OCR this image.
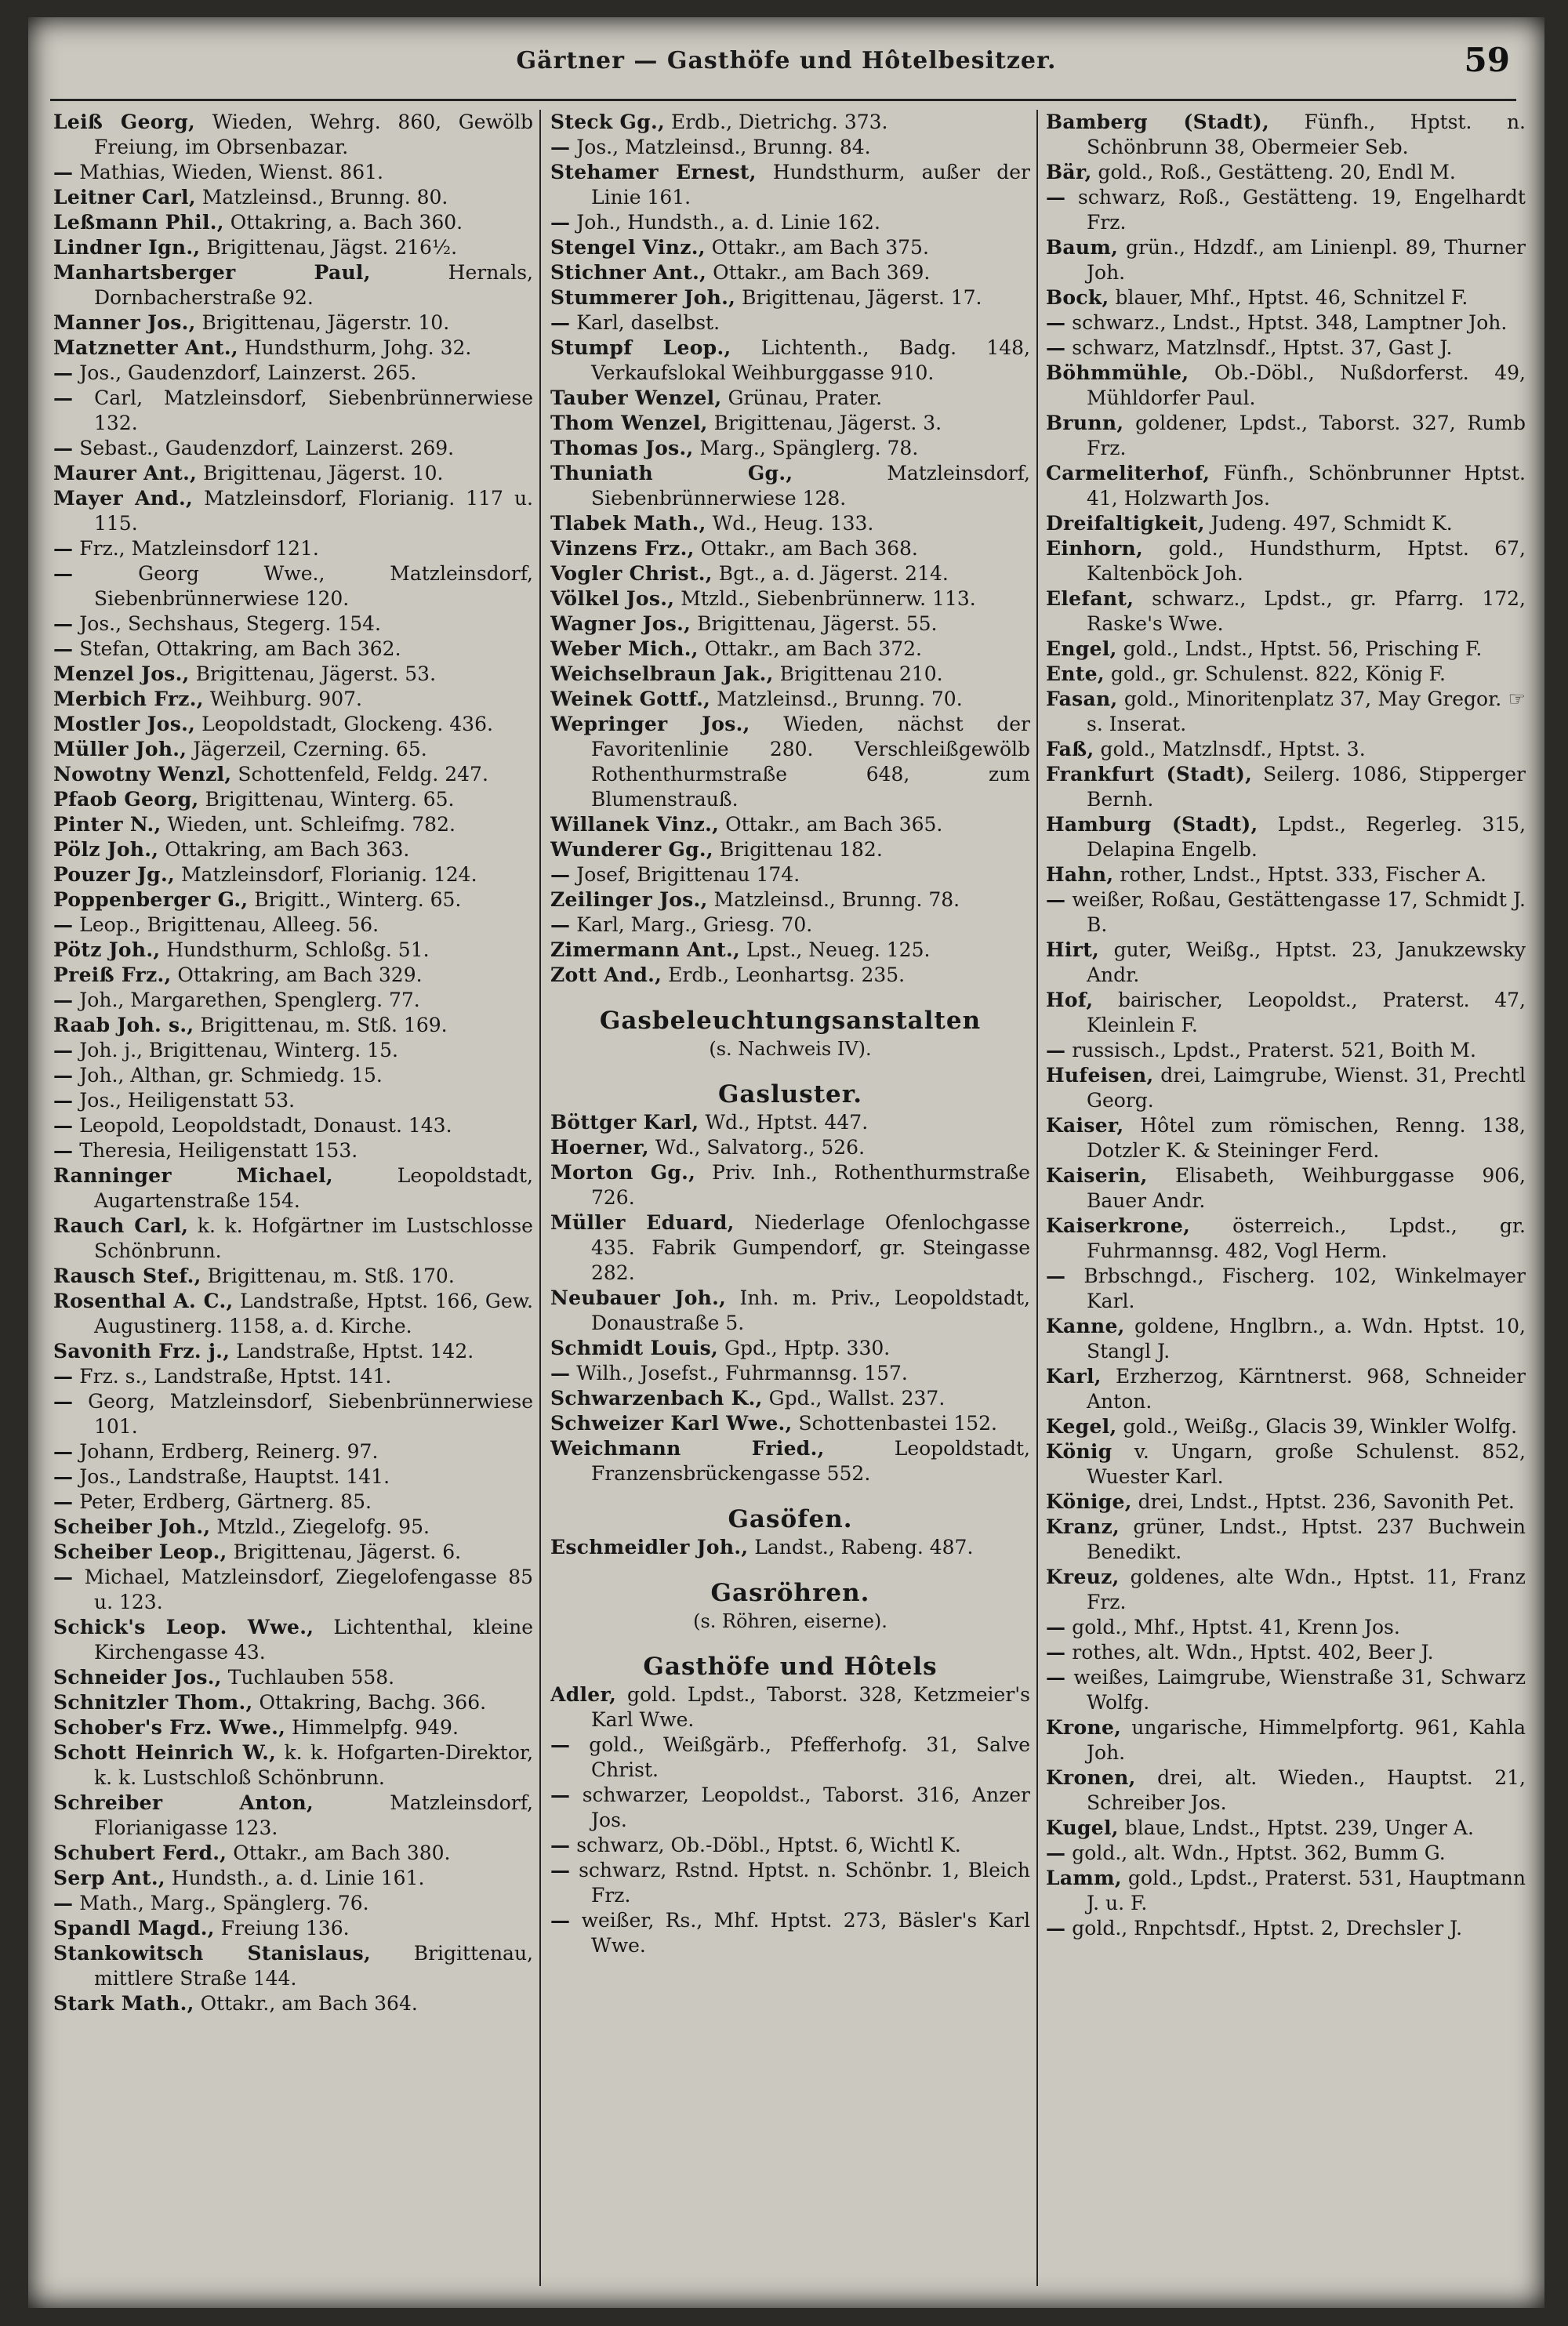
Gärtner — Gasthöfe und Hôtelbesitzer.	59

Leiß Georg, Wieden, Wehrg. 860, Gewölb Freiung, im Obrsenbazar.

— Mathias, Wieden, Wienst. 861.

Leitner Carl, Matzleinsd., Brunng. 80.

Leßmann Phil., Ottakring, a. Bach 360.

Lindner Ign., Brigittenau, Jägst. 216½.

Manhartsberger Paul,	Hernals, Dornbacherstraße 92.

Manner Jos., Brigittenau, Jägerstr. 10.

Matznetter Ant., Hundsthurm, Johg. 32.

— Jos., Gaudenzdorf, Lainzerst. 265.

— Carl, Matzleinsdorf, Siebenbrünnerwiese 132.

— Sebast., Gaudenzdorf, Lainzerst. 269.

Maurer Ant., Brigittenau, Jägerst. 10.

Mayer And., Matzleinsdorf, Florianig. 117 u. 115.

— Frz., Matzleinsdorf 121.

—	Georg Wwe., Matzleinsdorf, Siebenbrünnerwiese 120.

— Jos., Sechshaus, Stegerg. 154.

— Stefan, Ottakring, am Bach 362.

Menzel Jos., Brigittenau, Jägerst. 53.

Merbich Frz., Weihburg. 907.

Mostler Jos., Leopoldstadt, Glockeng. 436.

Müller Joh., Jägerzeil, Czerning. 65.

Nowotny Wenzl, Schottenfeld, Feldg. 247.

Pfaob Georg, Brigittenau, Winterg. 65.

Pinter N., Wieden, unt. Schleifmg. 782.

Pölz Joh., Ottakring, am Bach 363.

Pouzer Jg., Matzleinsdorf, Florianig. 124.

Poppenberger G., Brigitt., Winterg. 65.

— Leop., Brigittenau, Alleeg. 56.

Pötz Joh., Hundsthurm, Schloßg. 51.

Preiß Frz., Ottakring, am Bach 329.

— Joh., Margarethen, Spenglerg. 77.

Raab Joh. s., Brigittenau, m. Stß. 169.

— Joh. j., Brigittenau, Winterg. 15.

— Joh., Althan, gr. Schmiedg. 15.

— Jos., Heiligenstatt 53.

— Leopold, Leopoldstadt, Donaust. 143.

— Theresia, Heiligenstatt 153.

Ranninger Michael,	Leopoldstadt, Augartenstraße 154.

Rauch Carl, k. k. Hofgärtner im Lustschlosse Schönbrunn.

Rausch Stef., Brigittenau, m. Stß. 170.

Rosenthal A. C., Landstraße, Hptst. 166, Gew. Augustinerg. 1158, a. d. Kirche.

Savonith Frz. j., Landstraße, Hptst. 142.

— Frz. s., Landstraße, Hptst. 141.

— Georg, Matzleinsdorf, Siebenbrünnerwiese 101.

— Johann, Erdberg, Reinerg. 97.

— Jos., Landstraße, Hauptst. 141.

— Peter, Erdberg, Gärtnerg. 85.

Scheiber Joh., Mtzld., Ziegelofg. 95.

Scheiber Leop., Brigittenau, Jägerst. 6.

— Michael, Matzleinsdorf, Ziegelofengasse 85 u. 123.

Schick's Leop. Wwe., Lichtenthal, kleine Kirchengasse 43.

Schneider Jos., Tuchlauben 558.

Schnitzler Thom., Ottakring, Bachg. 366.

Schober's Frz. Wwe., Himmelpfg. 949.

Schott Heinrich W., k. k. Hofgarten-Direktor, k. k. Lustschloß Schönbrunn.

Schreiber Anton,	Matzleinsdorf, Florianigasse 123.

Schubert Ferd., Ottakr., am Bach 380.

Serp Ant., Hundsth., a. d. Linie 161.

— Math., Marg., Spänglerg. 76.

Spandl Magd., Freiung 136.

Stankowitsch Stanislaus, Brigittenau, mittlere Straße 144.

Stark Math., Ottakr., am Bach 364.

Steck Gg., Erdb., Dietrichg. 373.

— Jos., Matzleinsd., Brunng. 84.

Stehamer Ernest, Hundsthurm, außer der Linie 161.

— Joh., Hundsth., a. d. Linie 162.

Stengel Vinz., Ottakr., am Bach 375.

Stichner Ant., Ottakr., am Bach 369.

Stummerer Joh., Brigittenau, Jägerst. 17.

— Karl, daselbst.

Stumpf Leop., Lichtenth., Badg. 148, Verkaufslokal Weihburggasse 910.

Tauber Wenzel, Grünau, Prater.

Thom Wenzel, Brigittenau, Jägerst. 3.

Thomas Jos., Marg., Spänglerg. 78.

Thuniath Gg.,	Matzleinsdorf, Siebenbrünnerwiese 128.

Tlabek Math., Wd., Heug. 133.

Vinzens Frz., Ottakr., am Bach 368.

Vogler Christ., Bgt., a. d. Jägerst. 214.

Völkel Jos., Mtzld., Siebenbrünnerw. 113.

Wagner Jos., Brigittenau, Jägerst. 55.

Weber Mich., Ottakr., am Bach 372.

Weichselbraun Jak., Brigittenau 210.

Weinek Gottf., Matzleinsd., Brunng. 70.

Wepringer Jos., Wieden, nächst der Favoritenlinie 280. Verschleißgewölb Rothenthurmstraße 648, zum Blumenstrauß.

Willanek Vinz., Ottakr., am Bach 365.

Wunderer Gg., Brigittenau 182.

— Josef, Brigittenau 174.

Zeilinger Jos., Matzleinsd., Brunng. 78.

— Karl, Marg., Griesg. 70.

Zimermann Ant., Lpst., Neueg. 125.

Zott And., Erdb., Leonhartsg. 235.

Gasbeleuchtungsanstalten
(s. Nachweis IV).
Gasluster.

Böttger Karl, Wd., Hptst. 447.

Hoerner, Wd., Salvatorg., 526.

Morton Gg., Priv. Inh., Rothenthurmstraße 726.

Müller Eduard, Niederlage Ofenlochgasse 435. Fabrik Gumpendorf, gr. Steingasse 282.

Neubauer Joh., Inh. m. Priv., Leopoldstadt, Donaustraße 5.

Schmidt Louis, Gpd., Hptp. 330.

— Wilh., Josefst., Fuhrmannsg. 157.

Schwarzenbach K., Gpd., Wallst. 237.

Schweizer Karl Wwe., Schottenbastei 152.

Weichmann Fried.,	Leopoldstadt, Franzensbrückengasse 552.

Gasöfen.

Eschmeidler Joh., Landst., Rabeng. 487.

Gasröhren.
(s. Röhren, eiserne).
Gasthöfe und Hôtels

Adler, gold. Lpdst., Taborst. 328, Ketzmeier's Karl Wwe.

— gold., Weißgärb., Pfefferhofg. 31, Salve Christ.

— schwarzer, Leopoldst., Taborst. 316, Anzer Jos.

— schwarz, Ob.-Döbl., Hptst. 6, Wichtl K.

— schwarz, Rstnd. Hptst. n. Schönbr. 1, Bleich Frz.

— weißer, Rs., Mhf. Hptst. 273, Bäsler's Karl Wwe.

Bamberg (Stadt), Fünfh., Hptst. n. Schönbrunn 38, Obermeier Seb.

Bär, gold., Roß., Gestätteng. 20, Endl M.

— schwarz, Roß., Gestätteng. 19, Engelhardt Frz.

Baum, grün., Hdzdf., am Linienpl. 89, Thurner Joh.

Bock, blauer, Mhf., Hptst. 46, Schnitzel F.

— schwarz., Lndst., Hptst. 348, Lamptner Joh.

— schwarz, Matzlnsdf., Hptst. 37, Gast J.

Böhmmühle, Ob.-Döbl., Nußdorferst. 49, Mühldorfer Paul.

Brunn, goldener, Lpdst., Taborst. 327, Rumb Frz.

Carmeliterhof, Fünfh., Schönbrunner Hptst. 41, Holzwarth Jos.

Dreifaltigkeit, Judeng. 497, Schmidt K.

Einhorn, gold., Hundsthurm, Hptst. 67, Kaltenböck Joh.

Elefant, schwarz., Lpdst., gr. Pfarrg. 172, Raske's Wwe.

Engel, gold., Lndst., Hptst. 56, Prisching F.

Ente, gold., gr. Schulenst. 822, König F.

Fasan, gold., Minoritenplatz 37, May Gregor. ☞ s. Inserat.

Faß, gold., Matzlnsdf., Hptst. 3.

Frankfurt (Stadt), Seilerg. 1086, Stipperger Bernh.

Hamburg (Stadt), Lpdst., Regerleg. 315, Delapina Engelb.

Hahn, rother, Lndst., Hptst. 333, Fischer A.

— weißer, Roßau, Gestättengasse 17, Schmidt J. B.

Hirt, guter, Weißg., Hptst. 23, Janukzewsky Andr.

Hof, bairischer, Leopoldst., Praterst. 47, Kleinlein F.

— russisch., Lpdst., Praterst. 521, Boith M.

Hufeisen, drei, Laimgrube, Wienst. 31, Prechtl Georg.

Kaiser, Hôtel zum römischen, Renng. 138, Dotzler K. & Steininger Ferd.

Kaiserin, Elisabeth, Weihburggasse 906, Bauer Andr.

Kaiserkrone, österreich., Lpdst., gr. Fuhrmannsg. 482, Vogl Herm.

— Brbschngd., Fischerg. 102, Winkelmayer Karl.

Kanne, goldene, Hnglbrn., a. Wdn. Hptst. 10, Stangl J.

Karl, Erzherzog, Kärntnerst. 968, Schneider Anton.

Kegel, gold., Weißg., Glacis 39, Winkler Wolfg.

König v. Ungarn, große Schulenst. 852, Wuester Karl.

Könige, drei, Lndst., Hptst. 236, Savonith Pet.

Kranz, grüner, Lndst., Hptst. 237 Buchwein Benedikt.

Kreuz, goldenes, alte Wdn., Hptst. 11, Franz Frz.

— gold., Mhf., Hptst. 41, Krenn Jos.

— rothes, alt. Wdn., Hptst. 402, Beer J.

— weißes, Laimgrube, Wienstraße 31, Schwarz Wolfg.

Krone, ungarische, Himmelpfortg. 961, Kahla Joh.

Kronen, drei, alt. Wieden., Hauptst. 21, Schreiber Jos.

Kugel, blaue, Lndst., Hptst. 239, Unger A.

— gold., alt. Wdn., Hptst. 362, Bumm G.

Lamm, gold., Lpdst., Praterst. 531, Hauptmann J. u. F.

— gold., Rnpchtsdf., Hptst. 2, Drechsler J.
